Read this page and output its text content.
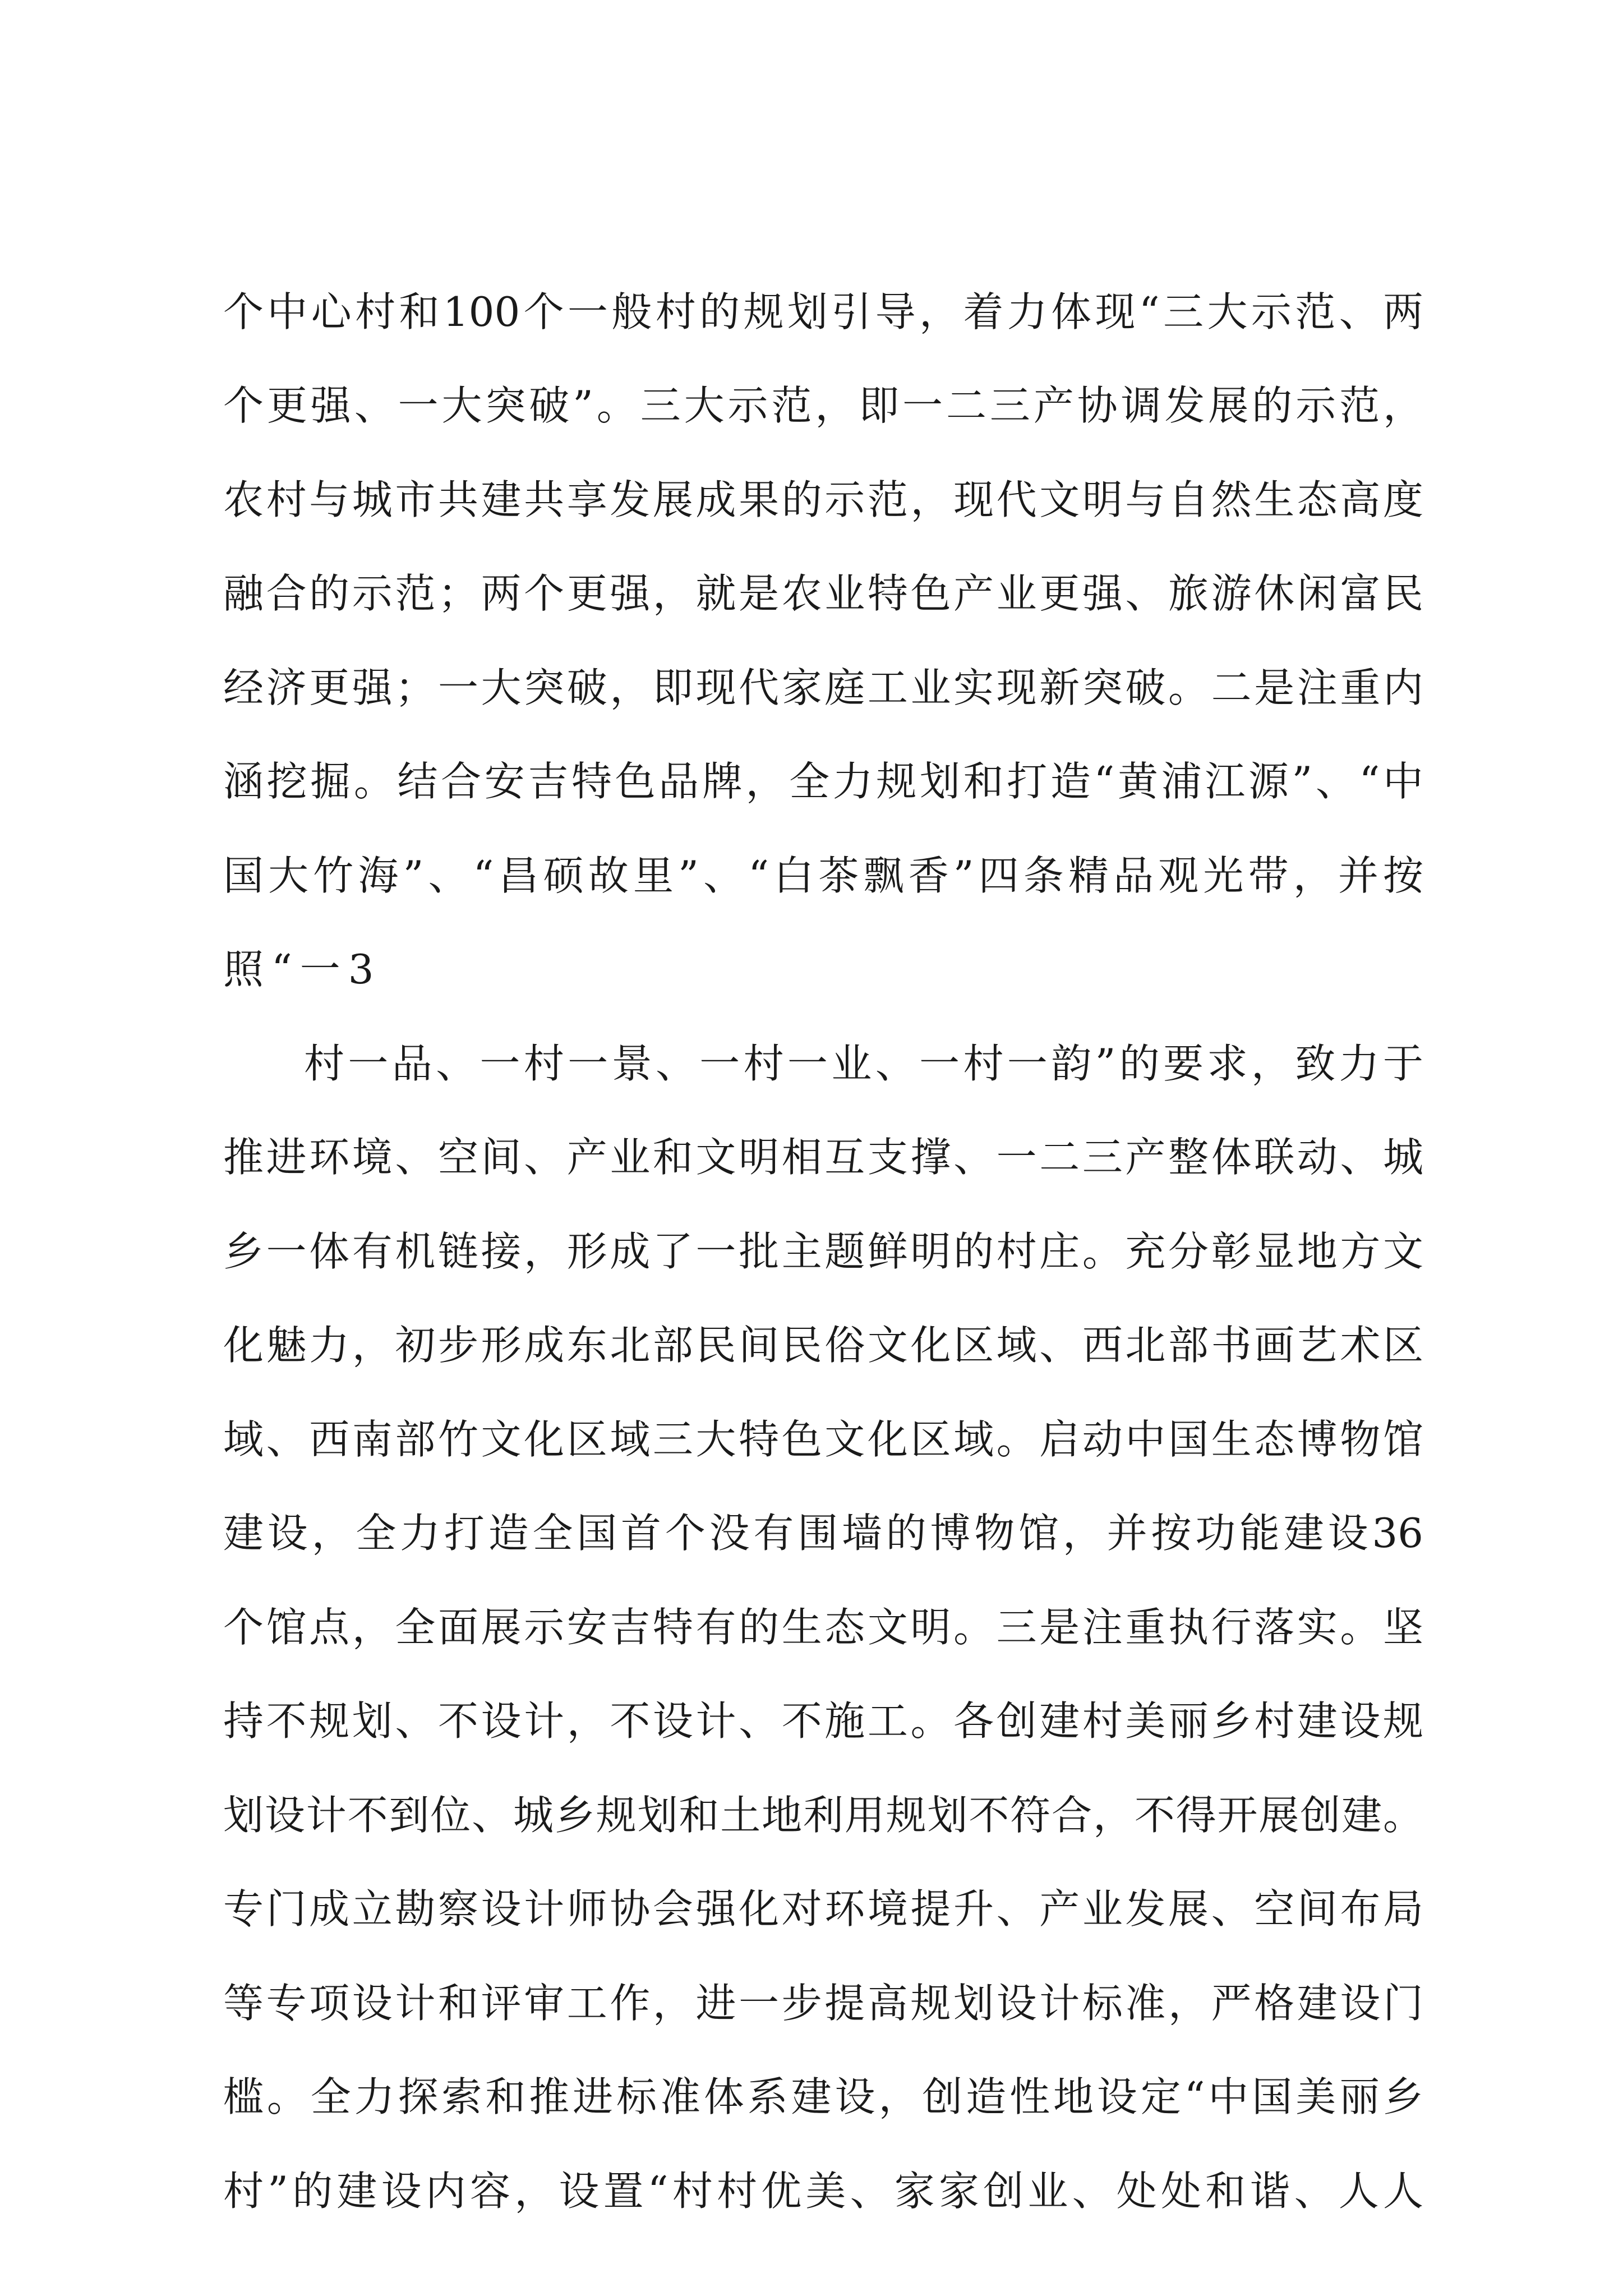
个中心村和100个一般村的规划引导，着力体现“三大示范、两
个更强、一大突破”。三大示范，即一二三产协调发展的示范，
农村与城市共建共享发展成果的示范，现代文明与自然生态高度
融合的示范；两个更强，就是农业特色产业更强、旅游休闲富民
经济更强；一大突破，即现代家庭工业实现新突破。二是注重内
涵挖掘。结合安吉特色品牌，全力规划和打造“黄浦江源”、“中
国大竹海”、“昌硕故里”、“白茶飘香”四条精品观光带，并按
照“一3
村一品、一村一景、一村一业、一村一韵”的要求，致力于
推进环境、空间、产业和文明相互支撑、一二三产整体联动、城
乡一体有机链接，形成了一批主题鲜明的村庄。充分彰显地方文
化魅力，初步形成东北部民间民俗文化区域、西北部书画艺术区
域、西南部竹文化区域三大特色文化区域。启动中国生态博物馆
建设，全力打造全国首个没有围墙的博物馆，并按功能建设36
个馆点，全面展示安吉特有的生态文明。三是注重执行落实。坚
持不规划、不设计，不设计、不施工。各创建村美丽乡村建设规
划设计不到位、城乡规划和土地利用规划不符合，不得开展创建。
专门成立勘察设计师协会强化对环境提升、产业发展、空间布局
等专项设计和评审工作，进一步提高规划设计标准，严格建设门
槛。全力探索和推进标准体系建设，创造性地设定“中国美丽乡
村”的建设内容，设置“村村优美、家家创业、处处和谐、人人
